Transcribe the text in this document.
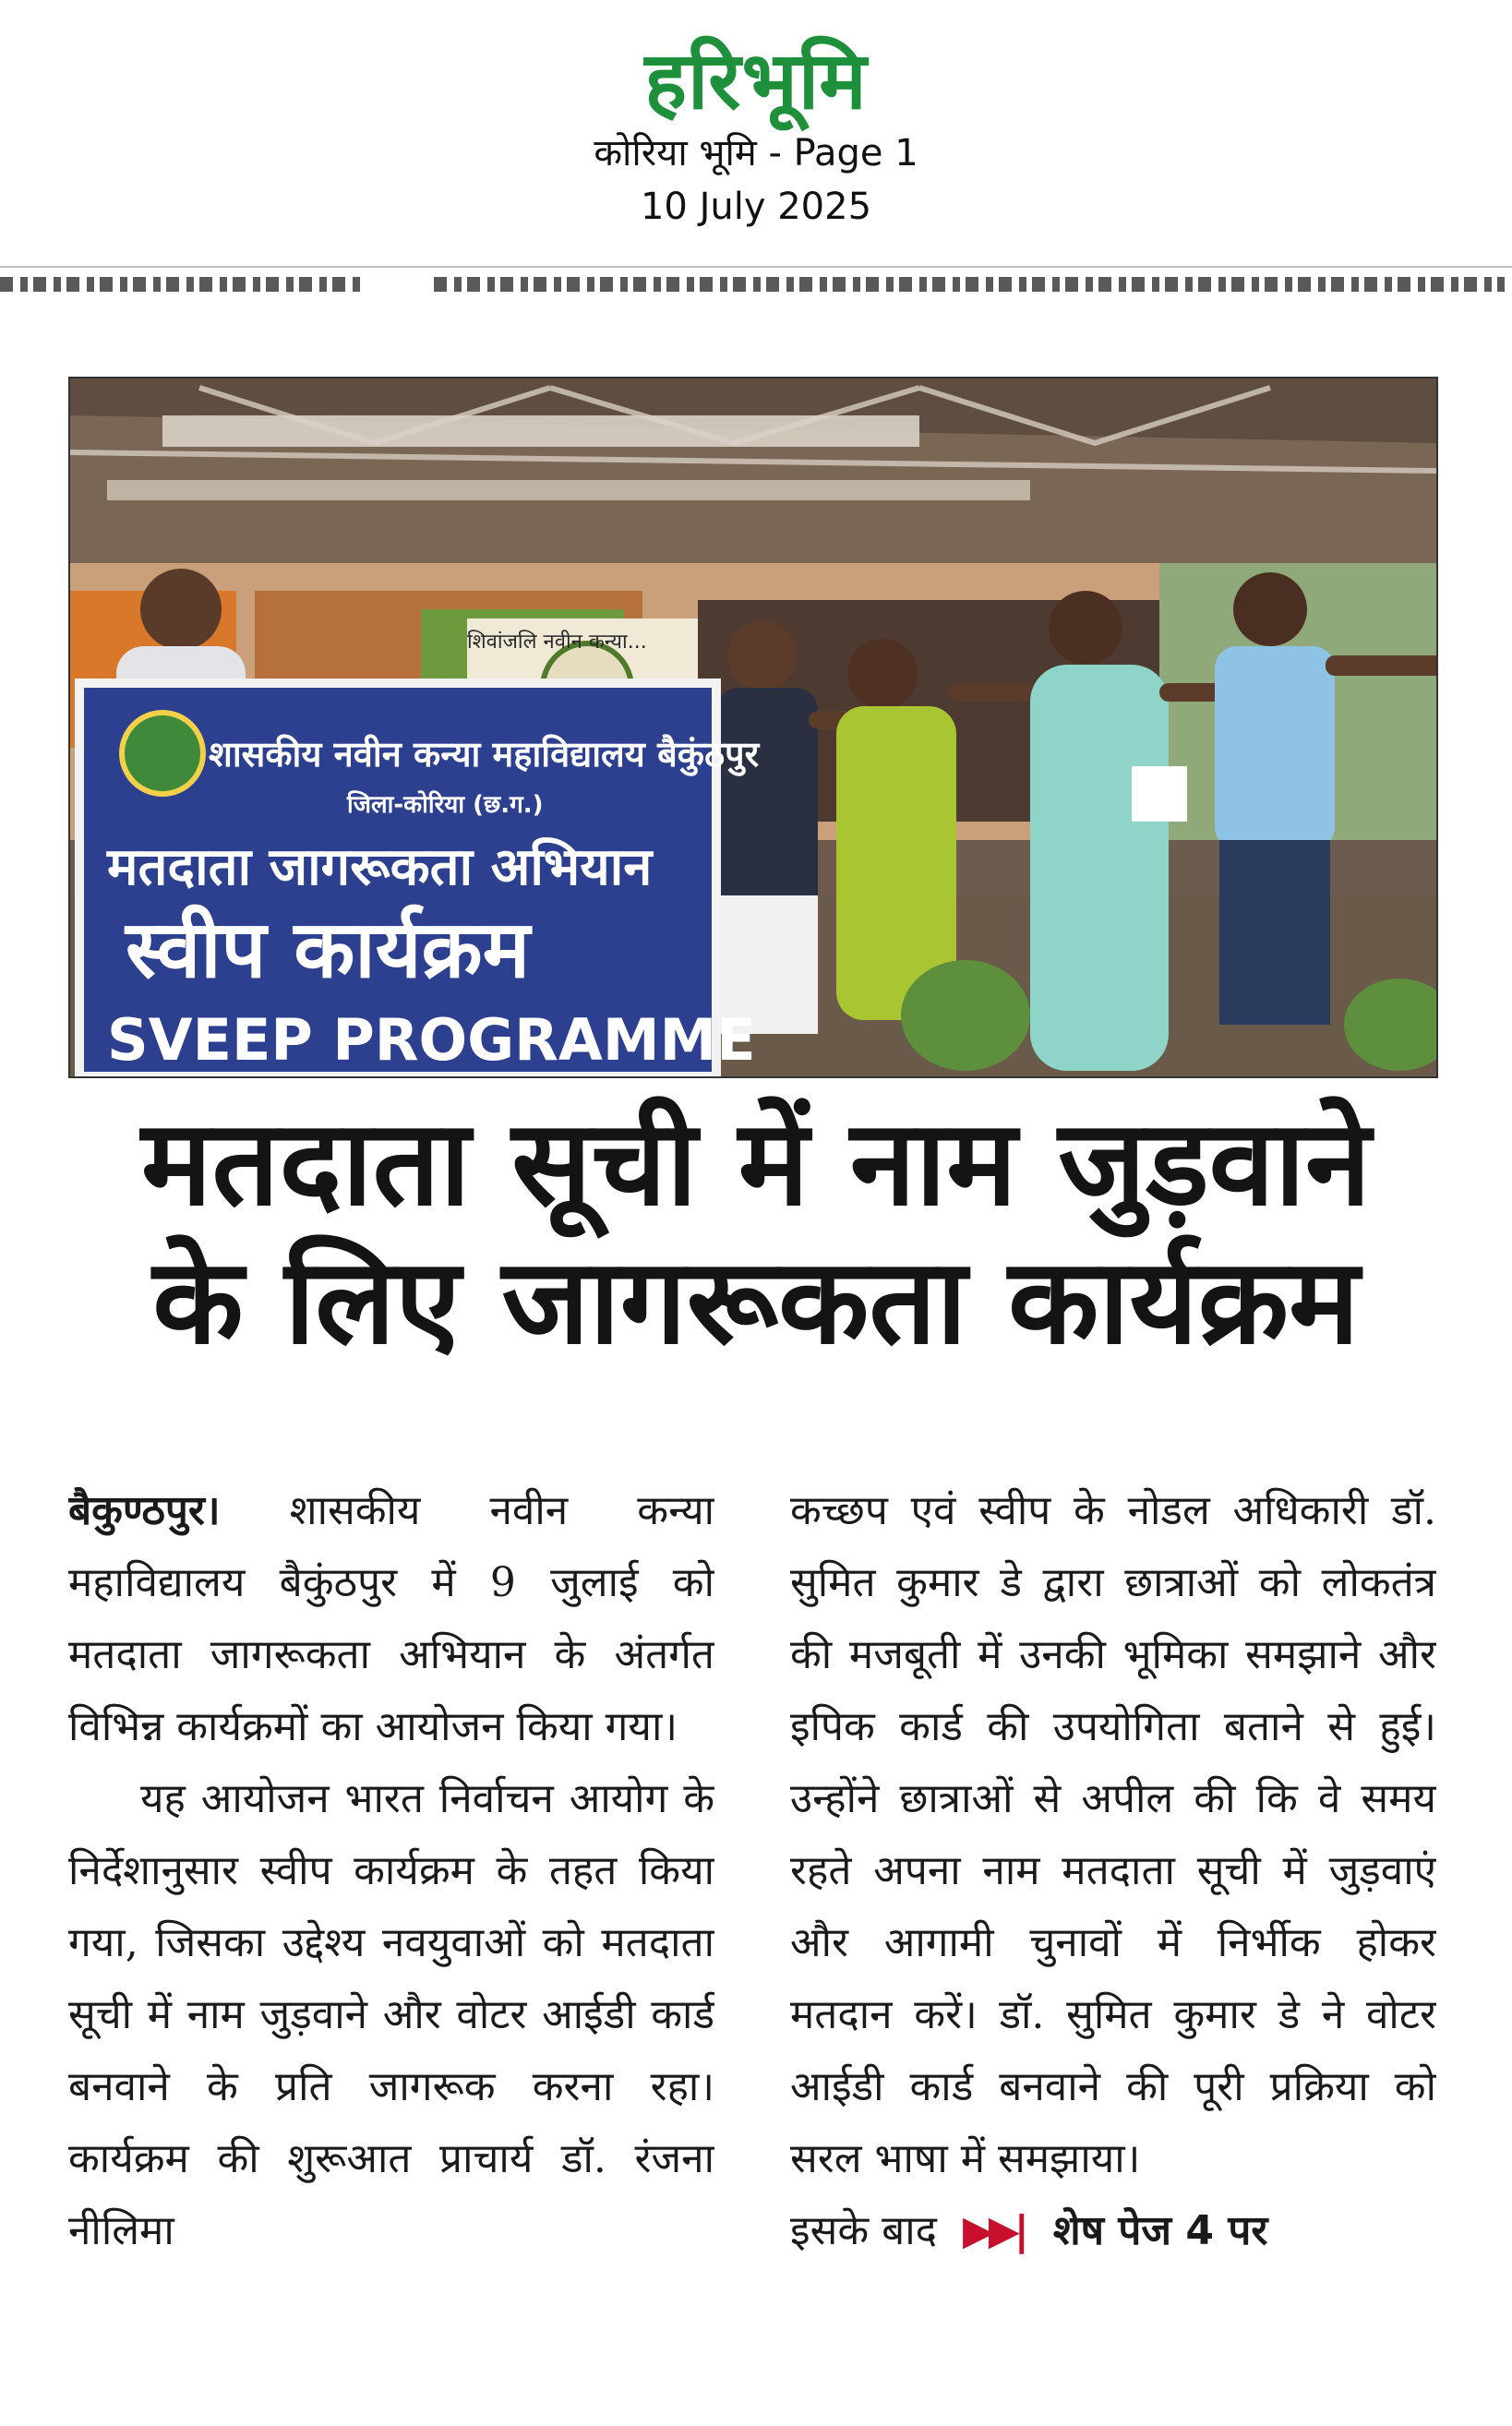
हरिभूमि
कोरिया भूमि - Page 1
10 July 2025
शासकीय नवीन कन्या महाविद्यालय बैकुंठपुर
जिला-कोरिया (छ.ग.)
मतदाता जागरूकता अभियान
स्वीप कार्यक्रम
SVEEP PROGRAMME
शिवांजलि नवीन कन्या...
मतदाता सूची में नाम जुड़वाने
के लिए जागरूकता कार्यक्रम

बैकुण्ठपुर। शासकीय नवीन कन्या महाविद्यालय बैकुंठपुर में 9 जुलाई को मतदाता जागरूकता अभियान के अंतर्गत विभिन्न कार्यक्रमों का आयोजन किया गया।

यह आयोजन भारत निर्वाचन आयोग के निर्देशानुसार स्वीप कार्यक्रम के तहत किया गया, जिसका उद्देश्य नवयुवाओं को मतदाता सूची में नाम जुड़वाने और वोटर आईडी कार्ड बनवाने के प्रति जागरूक करना रहा। कार्यक्रम की शुरूआत प्राचार्य डॉ. रंजना नीलिमा

कच्छप एवं स्वीप के नोडल अधिकारी डॉ. सुमित कुमार डे द्वारा छात्राओं को लोकतंत्र की मजबूती में उनकी भूमिका समझाने और इपिक कार्ड की उपयोगिता बताने से हुई। उन्होंने छात्राओं से अपील की कि वे समय रहते अपना नाम मतदाता सूची में जुड़वाएं और आगामी चुनावों में निर्भीक होकर मतदान करें। डॉ. सुमित कुमार डे ने वोटर आईडी कार्ड बनवाने की पूरी प्रक्रिया को सरल भाषा में समझाया।

इसके बाद ▶▶| शेष पेज 4 पर
